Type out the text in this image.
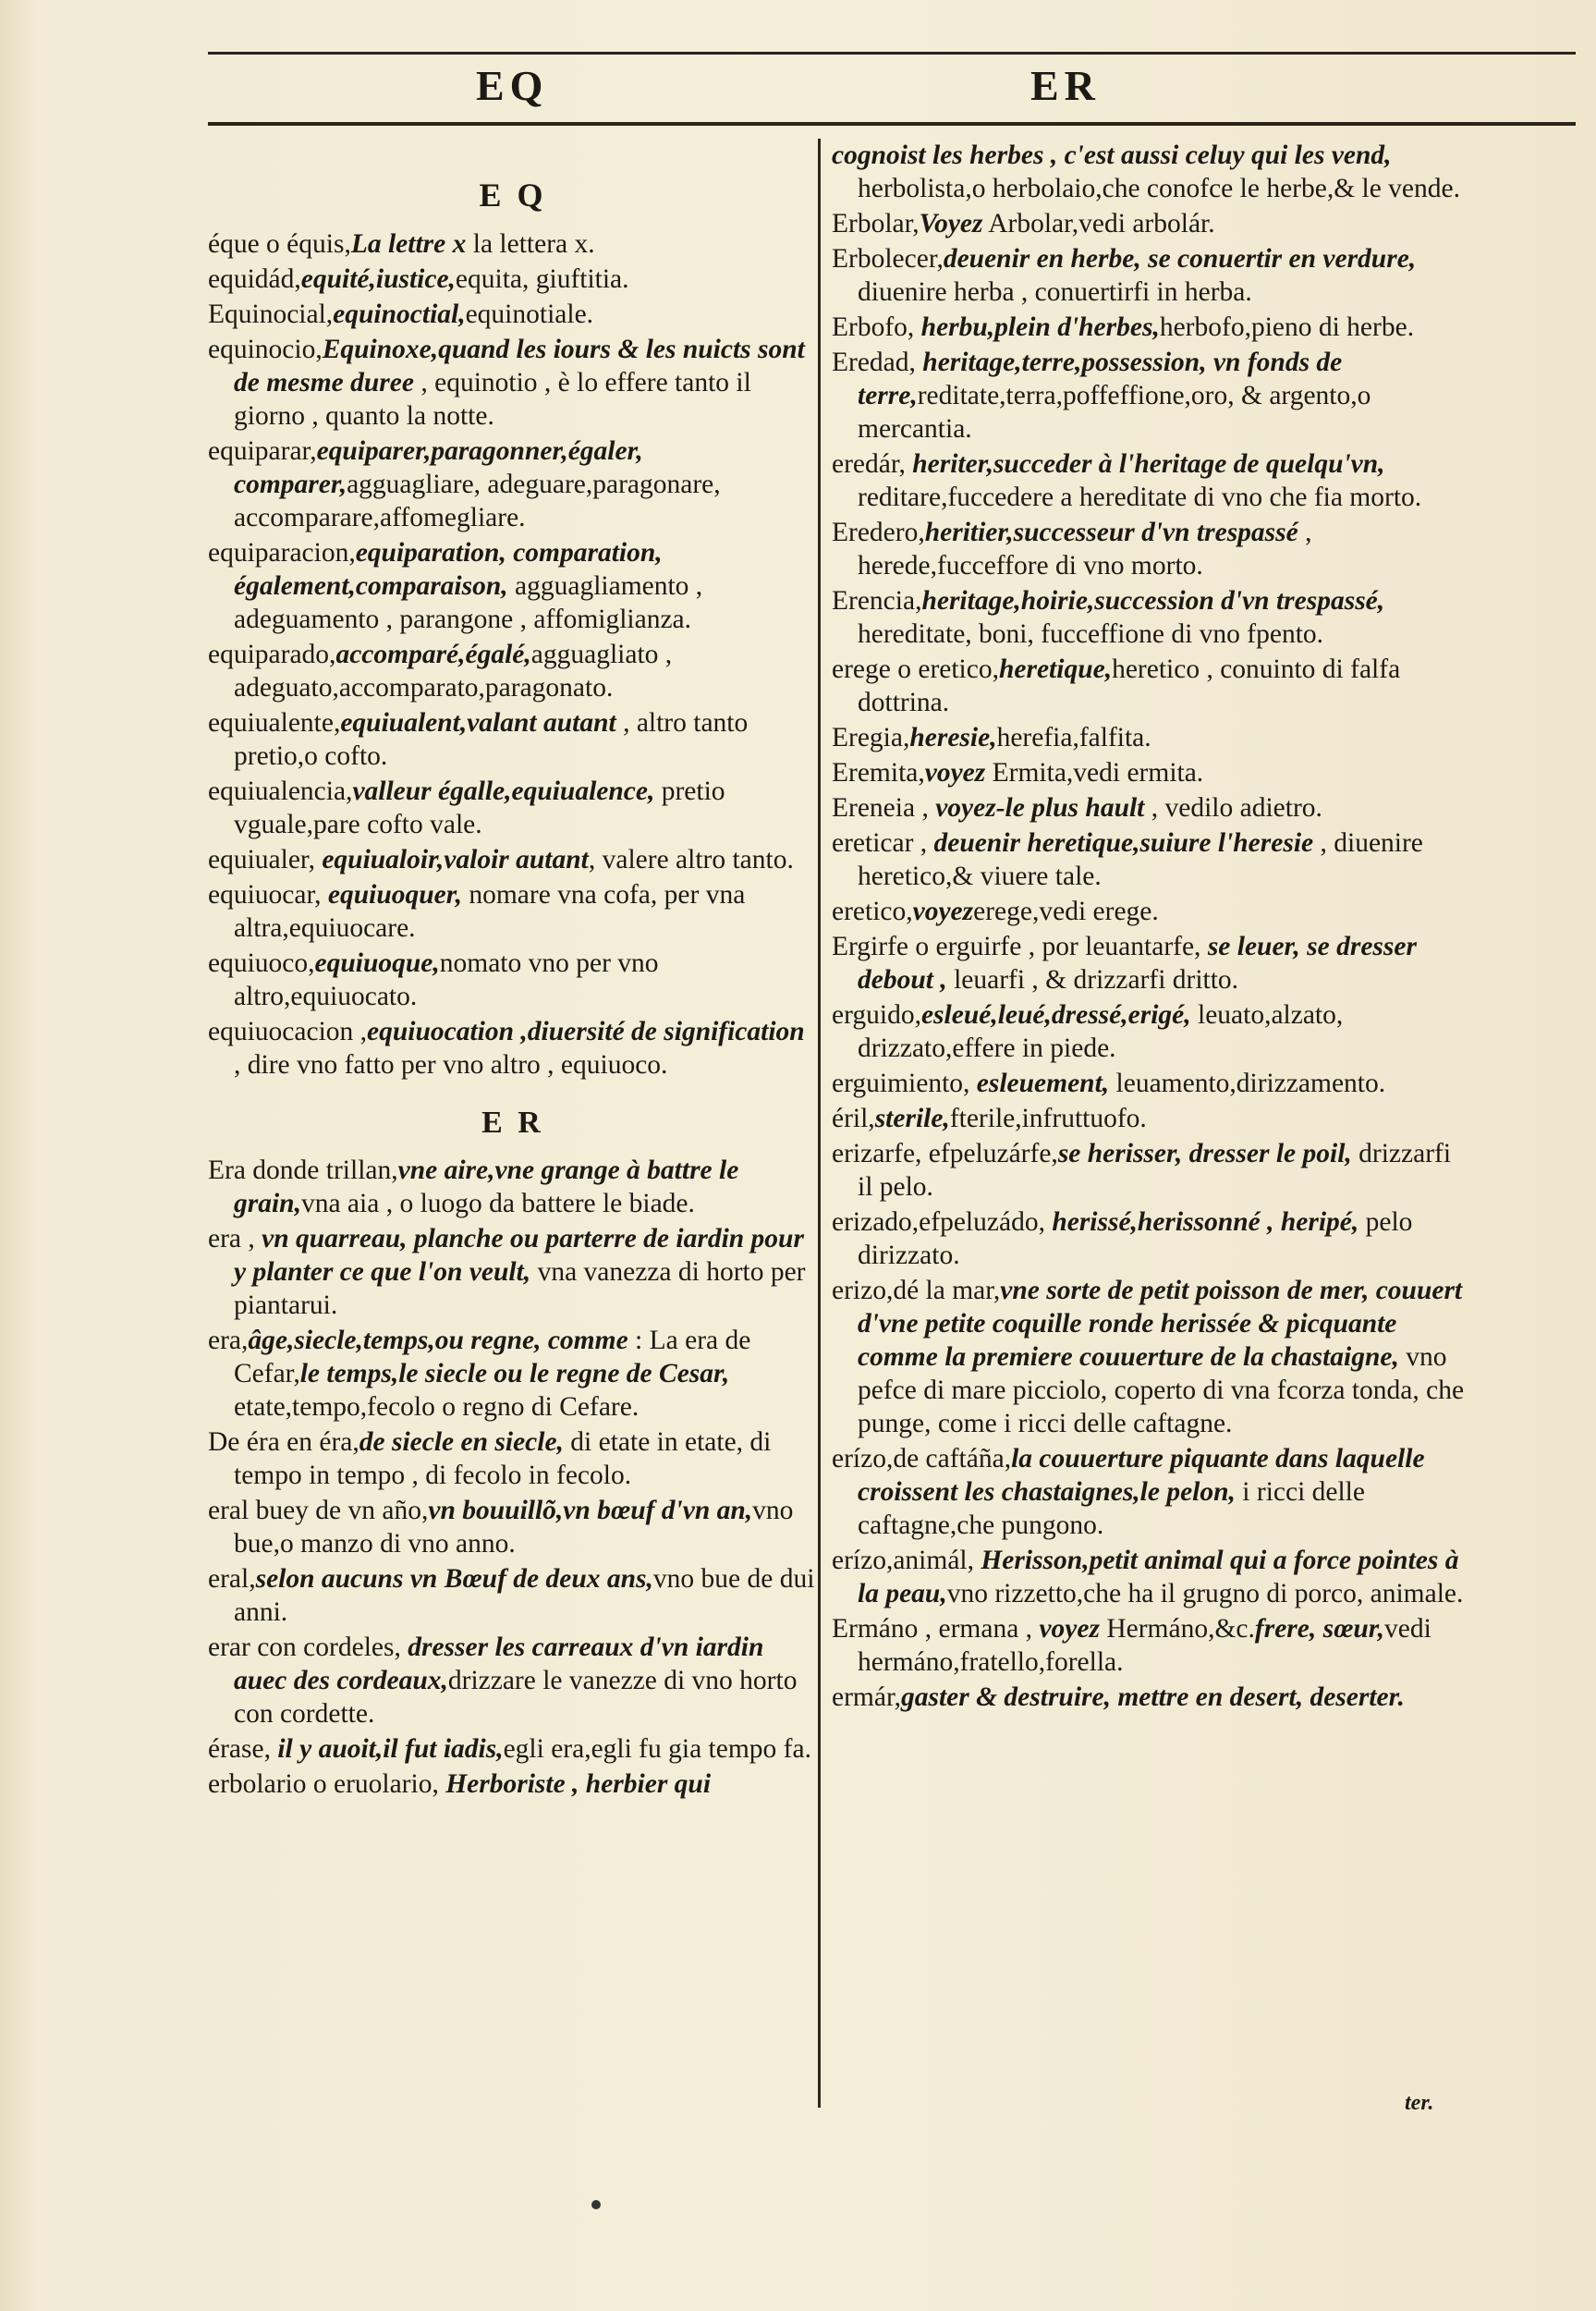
EQ	ER
E Q
éque o équis,La lettre x la lettera x.
equidád,equité,iustice,equita, giuftitia.
Equinocial,equinoctial,equinotiale.
equinocio,Equinoxe,quand les iours & les nuicts sont de mesme duree , equinotio , è lo effere tanto il giorno , quanto la notte.
equiparar,equiparer,paragonner,égaler, comparer,agguagliare, adeguare,paragonare, accomparare,affomegliare.
equiparacion,equiparation, comparation, également,comparaison, agguagliamento , adeguamento , parangone , affomiglianza.
equiparado,accomparé,égalé,agguagliato , adeguato,accomparato,paragonato.
equiualente,equiualent,valant autant , altro tanto pretio,o cofto.
equiualencia,valleur égalle,equiualence, pretio vguale,pare cofto vale.
equiualer, equiualoir,valoir autant, valere altro tanto.
equiuocar, equiuoquer, nomare vna cofa, per vna altra,equiuocare.
equiuoco,equiuoque,nomato vno per vno altro,equiuocato.
equiuocacion ,equiuocation ,diuersité de signification , dire vno fatto per vno altro , equiuoco.
E R
Era donde trillan,vne aire,vne grange à battre le grain,vna aia , o luogo da battere le biade.
era , vn quarreau, planche ou parterre de iardin pour y planter ce que l'on veult, vna vanezza di horto per piantarui.
era,âge,siecle,temps,ou regne, comme : La era de Cefar,le temps,le siecle ou le regne de Cesar, etate,tempo,fecolo o regno di Cefare.
De éra en éra,de siecle en siecle, di etate in etate, di tempo in tempo , di fecolo in fecolo.
eral buey de vn año,vn bouuillõ,vn bœuf d'vn an,vno bue,o manzo di vno anno.
eral,selon aucuns vn Bœuf de deux ans,vno bue de dui anni.
erar con cordeles, dresser les carreaux d'vn iardin auec des cordeaux,drizzare le vanezze di vno horto con cordette.
érase, il y auoit,il fut iadis,egli era,egli fu gia tempo fa.
erbolario o eruolario, Herboriste , herbier qui
cognoist les herbes , c'est aussi celuy qui les vend, herbolista,o herbolaio,che conofce le herbe,& le vende.
Erbolar,Voyez Arbolar,vedi arbolár.
Erbolecer,deuenir en herbe, se conuertir en verdure, diuenire herba , conuertirfi in herba.
Erbofo, herbu,plein d'herbes,herbofo,pieno di herbe.
Eredad, heritage,terre,possession, vn fonds de terre,reditate,terra,poffeffione,oro, & argento,o mercantia.
eredár, heriter,succeder à l'heritage de quelqu'vn, reditare,fuccedere a hereditate di vno che fia morto.
Eredero,heritier,successeur d'vn trespassé , herede,fucceffore di vno morto.
Erencia,heritage,hoirie,succession d'vn trespassé, hereditate, boni, fucceffione di vno fpento.
erege o eretico,heretique,heretico , conuinto di falfa dottrina.
Eregia,heresie,herefia,falfita.
Eremita,voyez Ermita,vedi ermita.
Ereneia , voyez-le plus hault , vedilo adietro.
ereticar , deuenir heretique,suiure l'heresie , diuenire heretico,& viuere tale.
eretico,voyezerege,vedi erege.
Ergirfe o erguirfe , por leuantarfe, se leuer, se dresser debout , leuarfi , & drizzarfi dritto.
erguido,esleué,leué,dressé,erigé, leuato,alzato, drizzato,effere in piede.
erguimiento, esleuement, leuamento,dirizzamento.
éril,sterile,fterile,infruttuofo.
erizarfe, efpeluzárfe,se herisser, dresser le poil, drizzarfi il pelo.
erizado,efpeluzádo, herissé,herissonné , heripé, pelo dirizzato.
erizo,dé la mar,vne sorte de petit poisson de mer, couuert d'vne petite coquille ronde herissée & picquante comme la premiere couuerture de la chastaigne, vno pefce di mare picciolo, coperto di vna fcorza tonda, che punge, come i ricci delle caftagne.
erízo,de caftáña,la couuerture piquante dans laquelle croissent les chastaignes,le pelon, i ricci delle caftagne,che pungono.
erízo,animál, Herisson,petit animal qui a force pointes à la peau,vno rizzetto,che ha il grugno di porco, animale.
Ermáno , ermana , voyez Hermáno,&c.frere, sœur,vedi hermáno,fratello,forella.
ermár,gaster & destruire, mettre en desert, deserter.
ter.
